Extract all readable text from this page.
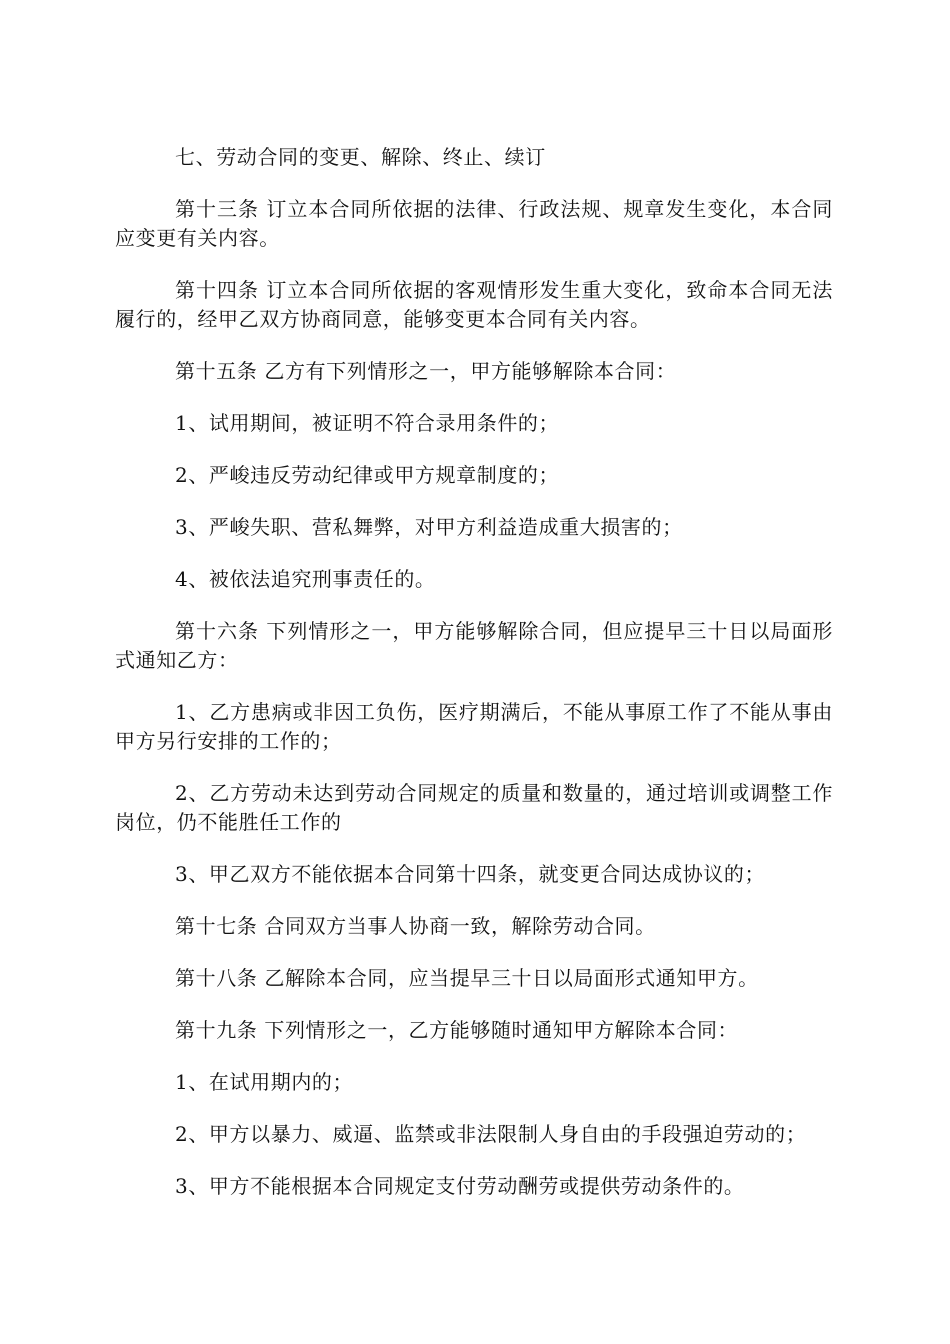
七、劳动合同的变更、解除、终止、续订

第十三条 订立本合同所依据的法律、行政法规、规章发生变化，本合同应变更有关内容。

第十四条 订立本合同所依据的客观情形发生重大变化，致命本合同无法履行的，经甲乙双方协商同意，能够变更本合同有关内容。

第十五条 乙方有下列情形之一，甲方能够解除本合同：

1、试用期间，被证明不符合录用条件的；

2、严峻违反劳动纪律或甲方规章制度的；

3、严峻失职、营私舞弊，对甲方利益造成重大损害的；

4、被依法追究刑事责任的。

第十六条 下列情形之一，甲方能够解除合同，但应提早三十日以局面形式通知乙方：

1、乙方患病或非因工负伤，医疗期满后，不能从事原工作了不能从事由甲方另行安排的工作的；

2、乙方劳动未达到劳动合同规定的质量和数量的，通过培训或调整工作岗位，仍不能胜任工作的

3、甲乙双方不能依据本合同第十四条，就变更合同达成协议的；

第十七条 合同双方当事人协商一致，解除劳动合同。

第十八条 乙解除本合同，应当提早三十日以局面形式通知甲方。

第十九条 下列情形之一，乙方能够随时通知甲方解除本合同：

1、在试用期内的；

2、甲方以暴力、威逼、监禁或非法限制人身自由的手段强迫劳动的；

3、甲方不能根据本合同规定支付劳动酬劳或提供劳动条件的。
